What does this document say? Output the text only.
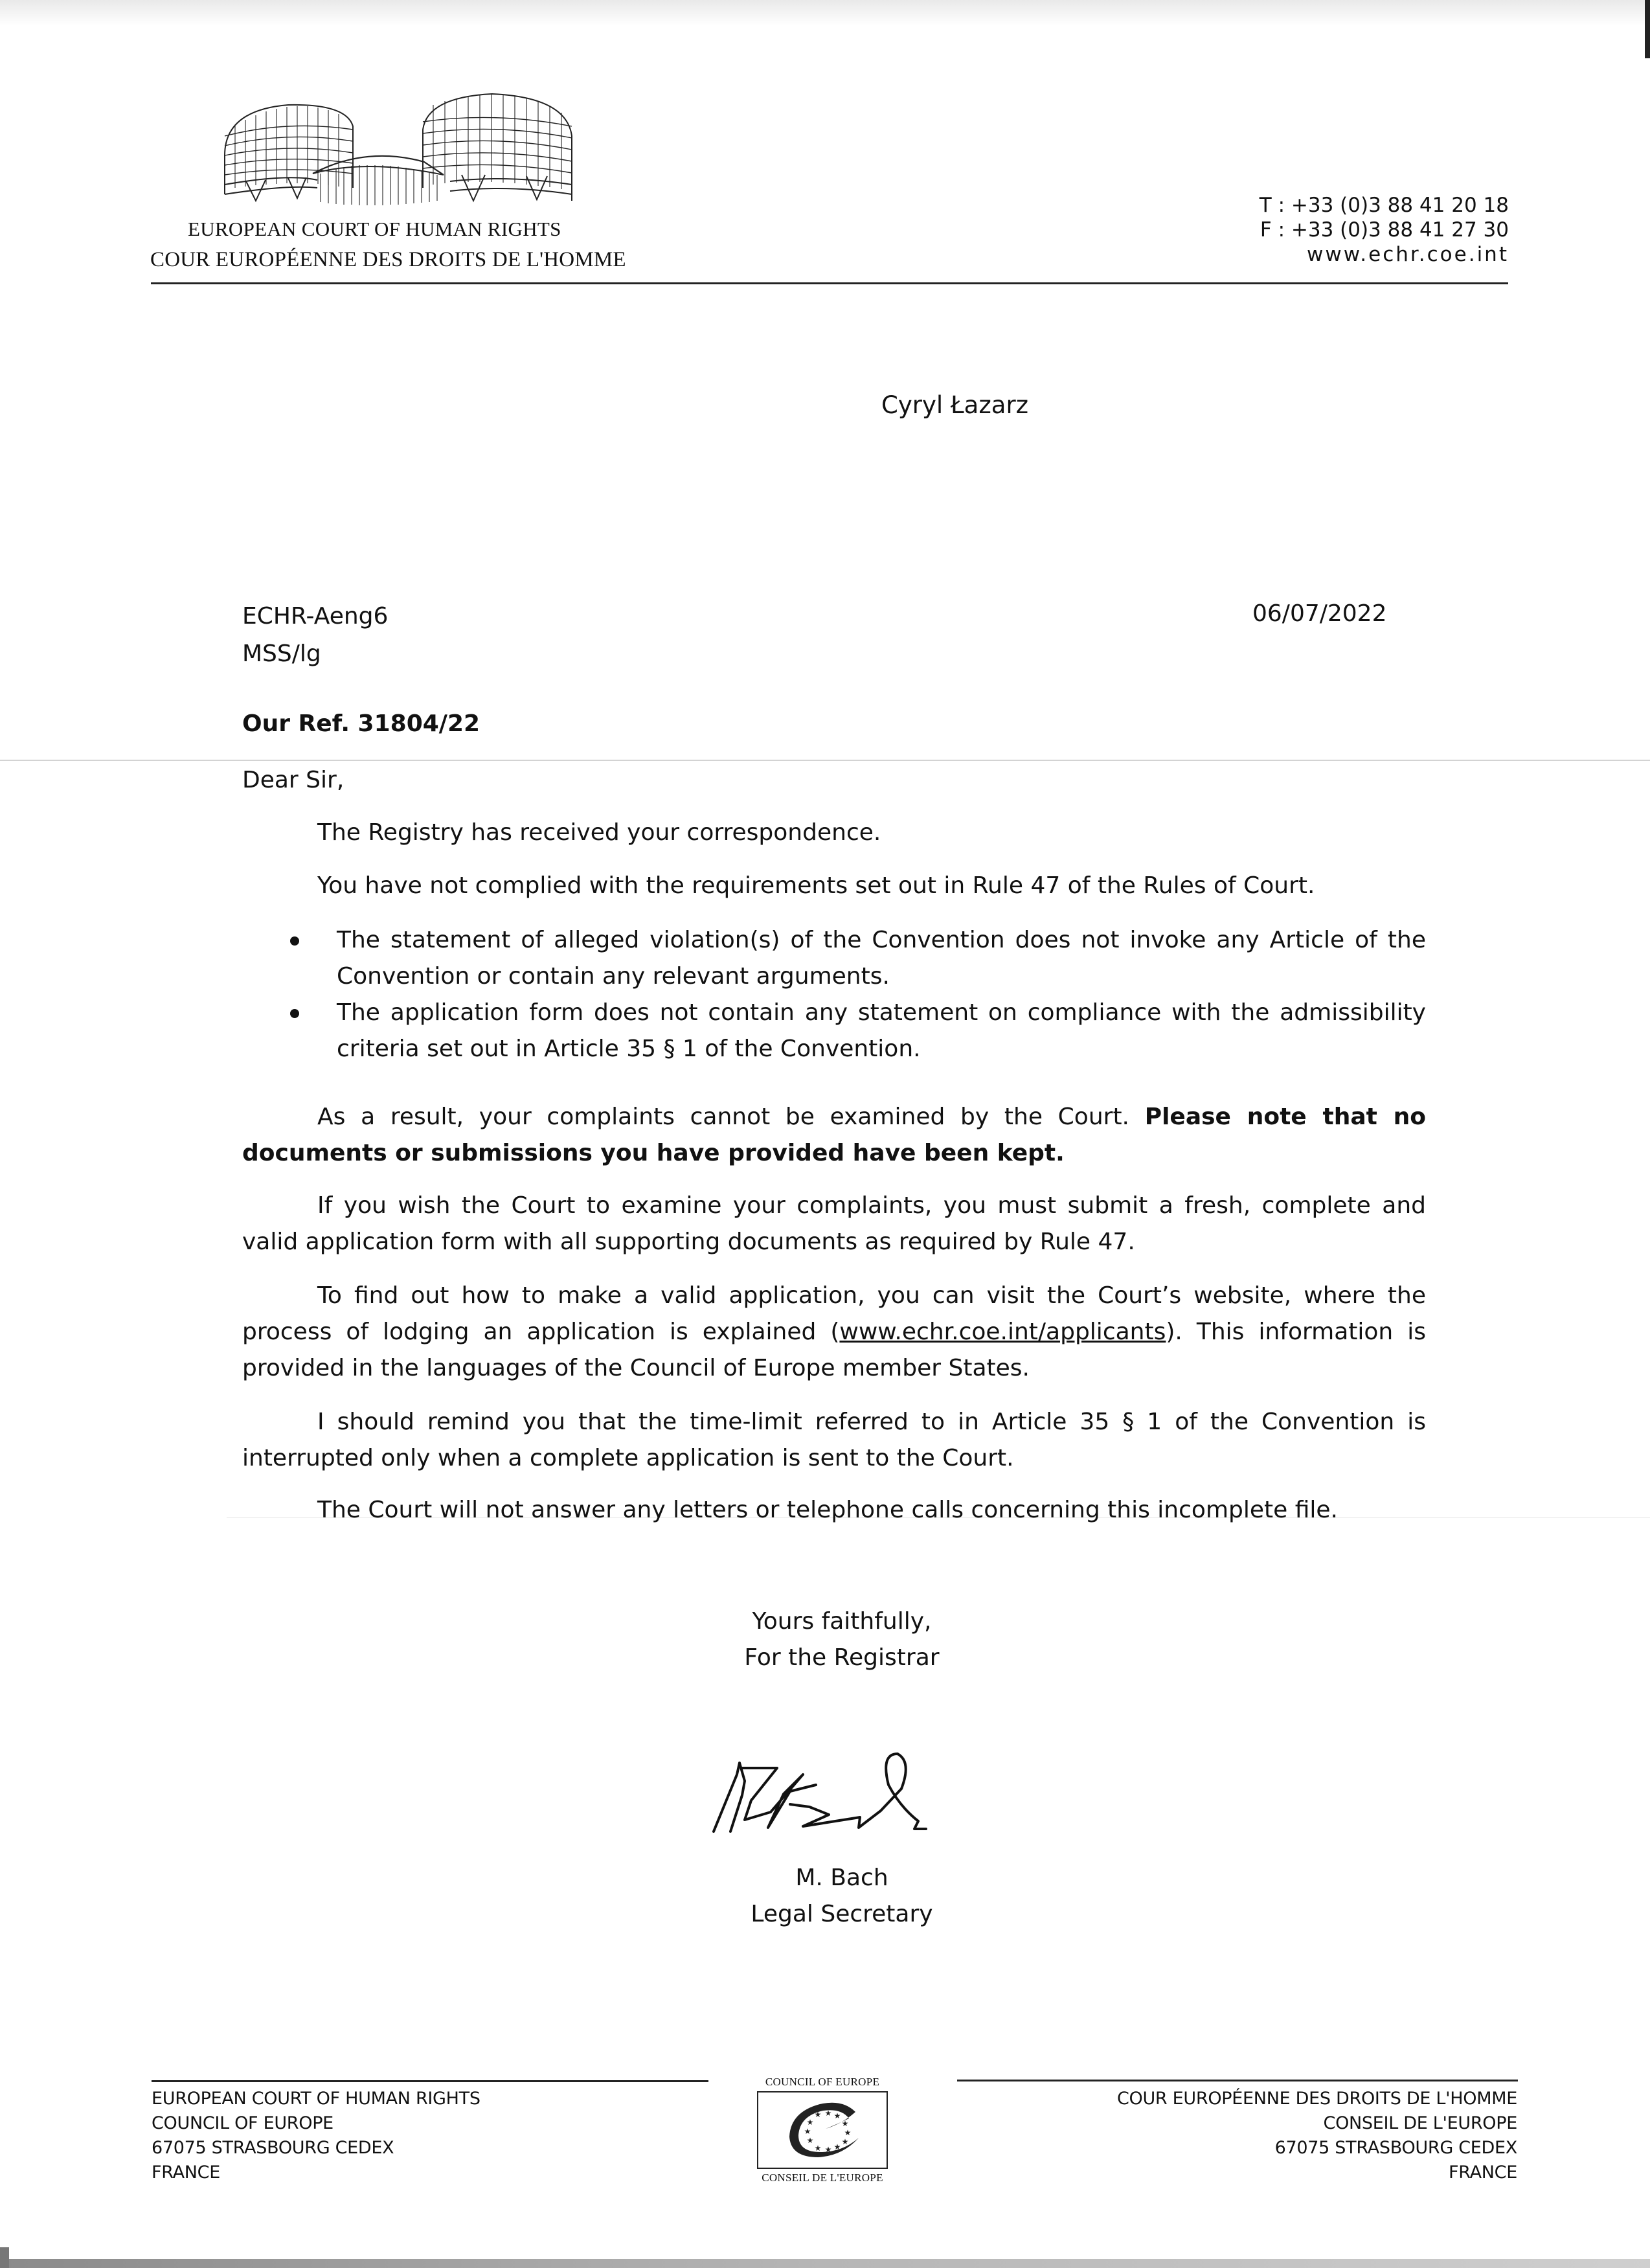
EUROPEAN COURT OF HUMAN RIGHTS
COUR EUROPÉENNE DES DROITS DE L'HOMME
T : +33 (0)3 88 41 20 18
F : +33 (0)3 88 41 27 30
www.echr.coe.int
Cyryl Łazarz
ECHR-Aeng6
MSS/lg
06/07/2022
Our Ref. 31804/22
Dear Sir,
The Registry has received your correspondence.
You have not complied with the requirements set out in Rule 47 of the Rules of Court.
The statement of alleged violation(s) of the Convention does not invoke any Article of the Convention or contain any relevant arguments.
The application form does not contain any statement on compliance with the admissibility criteria set out in Article 35 § 1 of the Convention.
As a result, your complaints cannot be examined by the Court. Please note that no documents or submissions you have provided have been kept.
If you wish the Court to examine your complaints, you must submit a fresh, complete and valid application form with all supporting documents as required by Rule 47.
To find out how to make a valid application, you can visit the Court’s website, where the process of lodging an application is explained (www.echr.coe.int/applicants). This information is provided in the languages of the Council of Europe member States.
I should remind you that the time-limit referred to in Article 35 § 1 of the Convention is interrupted only when a complete application is sent to the Court.
The Court will not answer any letters or telephone calls concerning this incomplete file.
Yours faithfully,
For the Registrar
M. Bach
Legal Secretary
EUROPEAN COURT OF HUMAN RIGHTS
COUNCIL OF EUROPE
67075 STRASBOURG CEDEX
FRANCE
COUNCIL OF EUROPE
★ ★ ★
★	★
★	★
★	★
★ ★ ★
CONSEIL DE L'EUROPE
COUR EUROPÉENNE DES DROITS DE L'HOMME
CONSEIL DE L'EUROPE
67075 STRASBOURG CEDEX
FRANCE
